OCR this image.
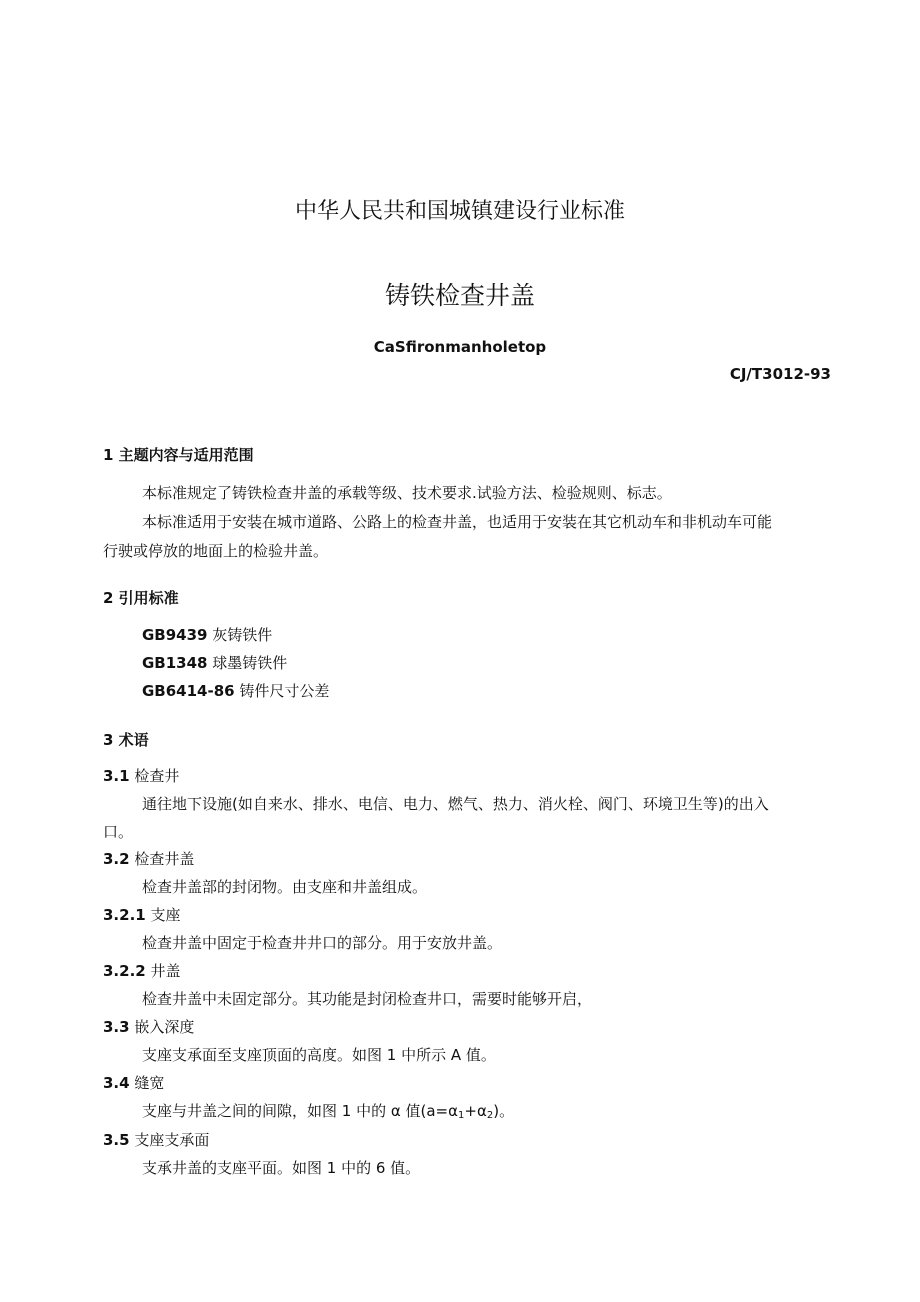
中华人民共和国城镇建设行业标准
铸铁检查井盖
CaSfironmanholetop
CJ/T3012-93
1 主题内容与适用范围
本标准规定了铸铁检查井盖的承载等级、技术要求.试验方法、检验规则、标志。
本标准适用于安装在城市道路、公路上的检查井盖，也适用于安装在其它机动车和非机动车可能
行驶或停放的地面上的检验井盖。
2 引用标准
GB9439 灰铸铁件
GB1348 球墨铸铁件
GB6414-86 铸件尺寸公差
3 术语
3.1 检查井
通往地下设施(如自来水、排水、电信、电力、燃气、热力、消火栓、阀门、环境卫生等)的出入
口。
3.2 检查井盖
检查井盖部的封闭物。由支座和井盖组成。
3.2.1 支座
检查井盖中固定于检查井井口的部分。用于安放井盖。
3.2.2 井盖
检查井盖中未固定部分。其功能是封闭检查井口，需要时能够开启，
3.3 嵌入深度
支座支承面至支座顶面的高度。如图 1 中所示 A 值。
3.4 缝宽
支座与井盖之间的间隙，如图 1 中的 α 值$(a=\alpha_1+\alpha_2)$。
3.5 支座支承面
支承井盖的支座平面。如图 1 中的 6 值。
